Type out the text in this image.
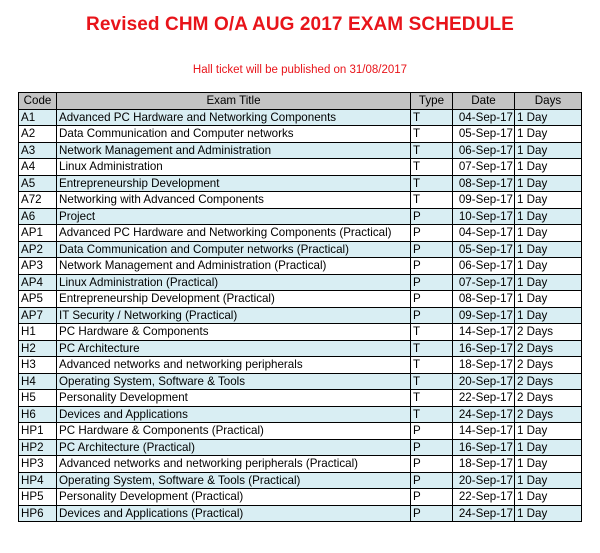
Revised CHM O/A AUG 2017 EXAM SCHEDULE
Hall ticket will be published on 31/08/2017
Code	Exam Title	Type	Date	Days
A1	Advanced PC Hardware and Networking Components	T	04-Sep-17	1 Day
A2	Data Communication and Computer networks	T	05-Sep-17	1 Day
A3	Network Management and Administration	T	06-Sep-17	1 Day
A4	Linux Administration	T	07-Sep-17	1 Day
A5	Entrepreneurship Development	T	08-Sep-17	1 Day
A72	Networking with Advanced Components	T	09-Sep-17	1 Day
A6	Project	P	10-Sep-17	1 Day
AP1	Advanced PC Hardware and Networking Components (Practical)	P	04-Sep-17	1 Day
AP2	Data Communication and Computer networks (Practical)	P	05-Sep-17	1 Day
AP3	Network Management and Administration (Practical)	P	06-Sep-17	1 Day
AP4	Linux Administration (Practical)	P	07-Sep-17	1 Day
AP5	Entrepreneurship Development (Practical)	P	08-Sep-17	1 Day
AP7	IT Security / Networking (Practical)	P	09-Sep-17	1 Day
H1	PC Hardware & Components	T	14-Sep-17	2 Days
H2	PC Architecture	T	16-Sep-17	2 Days
H3	Advanced networks and networking peripherals	T	18-Sep-17	2 Days
H4	Operating System, Software & Tools	T	20-Sep-17	2 Days
H5	Personality Development	T	22-Sep-17	2 Days
H6	Devices and Applications	T	24-Sep-17	2 Days
HP1	PC Hardware & Components (Practical)	P	14-Sep-17	1 Day
HP2	PC Architecture (Practical)	P	16-Sep-17	1 Day
HP3	Advanced networks and networking peripherals (Practical)	P	18-Sep-17	1 Day
HP4	Operating System, Software & Tools (Practical)	P	20-Sep-17	1 Day
HP5	Personality Development (Practical)	P	22-Sep-17	1 Day
HP6	Devices and Applications (Practical)	P	24-Sep-17	1 Day
